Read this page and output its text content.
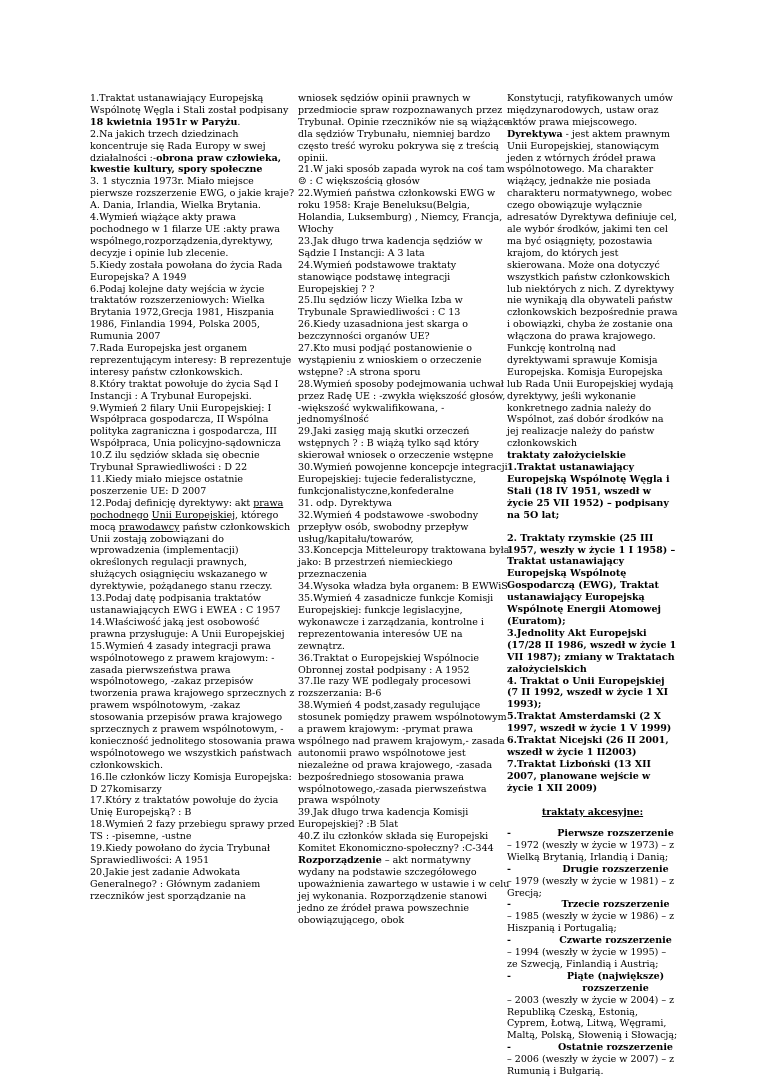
1.Traktat ustanawiający Europejską Wspólnotę Węgla i Stali został podpisany 18 kwietnia 1951r w Paryżu.

2.Na jakich trzech dziedzinach koncentruje się Rada Europy w swej działalności :-obrona praw człowieka, kwestie kultury, spory społeczne

3. 1 stycznia 1973r. Miało miejsce pierwsze rozszerzenie EWG, o jakie kraje? A. Dania, Irlandia, Wielka Brytania.

4.Wymień wiążące akty prawa pochodnego w 1 filarze UE :akty prawa wspólnego,rozporządzenia,dyrektywy, decyzje i opinie lub zlecenie.

5.Kiedy została powołana do życia Rada Europejska? A 1949

6.Podaj kolejne daty wejścia w życie traktatów rozszerzeniowych: Wielka Brytania 1972,Grecja 1981, Hiszpania 1986, Finlandia 1994, Polska 2005, Rumunia 2007

7.Rada Europejska jest organem reprezentującym interesy: B reprezentuje interesy państw członkowskich.

8.Który traktat powołuje do życia Sąd I Instancji : A Trybunał Europejski.

9.Wymień 2 filary Unii Europejskiej: I Współpraca gospodarcza, II Wspólna polityka zagraniczna i gospodarcza, III Współpraca, Unia policyjno-sądownicza

10.Z ilu sędziów składa się obecnie Trybunał Sprawiedliwości : D 22

11.Kiedy miało miejsce ostatnie poszerzenie UE: D 2007

12.Podaj definicję dyrektywy: akt prawa pochodnego Unii Europejskiej, którego mocą prawodawcy państw członkowskich Unii zostają zobowiązani do wprowadzenia (implementacji) określonych regulacji prawnych, służących osiągnięciu wskazanego w dyrektywie, pożądanego stanu rzeczy.

13.Podaj datę podpisania traktatów ustanawiających EWG i EWEA : C 1957

14.Właściwość jaką jest osobowość prawna przysługuje: A Unii Europejskiej

15.Wymień 4 zasady integracji prawa wspólnotowego z prawem krajowym: -zasada pierwszeństwa prawa wspólnotowego, -zakaz przepisów tworzenia prawa krajowego sprzecznych z prawem wspólnotowym, -zakaz stosowania przepisów prawa krajowego sprzecznych z prawem wspólnotowym, -konieczność jednolitego stosowania prawa wspólnotowego we wszystkich państwach członkowskich.

16.Ile członków liczy Komisja Europejska: D 27komisarzy

17.Który z traktatów powołuje do życia Unię Europejską? : B

18.Wymień 2 fazy przebiegu sprawy przed TS : -pisemne, -ustne

19.Kiedy powołano do życia Trybunał Sprawiedliwości: A 1951

20.Jakie jest zadanie Adwokata Generalnego? : Głównym zadaniem rzeczników jest sporządzanie na

wniosek sędziów opinii prawnych w przedmiocie spraw rozpoznawanych przez Trybunał. Opinie rzeczników nie są wiążące dla sędziów Trybunału, niemniej bardzo często treść wyroku pokrywa się z treścią opinii.

21.W jaki sposób zapada wyrok na coś tam☺ : C większością głosów

22.Wymień państwa członkowski EWG w roku 1958: Kraje Beneluksu(Belgia, Holandia, Luksemburg) , Niemcy, Francja, Włochy

23.Jak długo trwa kadencja sędziów w Sądzie I Instancji: A 3 lata

24.Wymień podstawowe traktaty stanowiące podstawę integracji Europejskiej ? ?

25.Ilu sędziów liczy Wielka Izba w Trybunale Sprawiedliwości : C 13

26.Kiedy uzasadniona jest skarga o bezczynności organów UE?

27.Kto musi podjąć postanowienie o wystąpieniu z wnioskiem o orzeczenie wstępne? :A strona sporu

28.Wymień sposoby podejmowania uchwał przez Radę UE : -zwykła większość głosów, -większość wykwalifikowana, -jednomyślność

29.Jaki zasięg mają skutki orzeczeń wstępnych ? : B wiążą tylko sąd który skierował wniosek o orzeczenie wstępne

30.Wymień powojenne koncepcje integracji Europejskiej: tujecie federalistyczne, funkcjonalistyczne,konfederalne

31. odp. Dyrektywa

32.Wymień 4 podstawowe -swobodny przepływ osób, swobodny przepływ usług/kapitału/towarów,

33.Koncepcja Mitteleuropy traktowana była jako: B przestrzeń niemieckiego przeznaczenia

34.Wysoka władza była organem: B EWWiS

35.Wymień 4 zasadnicze funkcje Komisji Europejskiej: funkcje legislacyjne, wykonawcze i zarządzania, kontrolne i reprezentowania interesów UE na zewnątrz.

36.Traktat o Europejskiej Wspólnocie Obronnej został podpisany : A 1952

37.Ile razy WE podlegały procesowi rozszerzania: B-6

38.Wymień 4 podst,zasady regulujące stosunek pomiędzy prawem wspólnotowym a prawem krajowym: -prymat prawa wspólnego nad prawem krajowym,- zasada autonomii prawo wspólnotowe jest niezależne od prawa krajowego, -zasada bezpośredniego stosowania prawa wspólnotowego,-zasada pierwszeństwa prawa wspólnoty

39.Jak długo trwa kadencja Komisji Europejskiej? :B 5lat

40.Z ilu członków składa się Europejski Komitet Ekonomiczno-społeczny? :C-344

Rozporządzenie – akt normatywny wydany na podstawie szczegółowego upoważnienia zawartego w ustawie i w celu jej wykonania. Rozporządzenie stanowi jedno ze źródeł prawa powszechnie obowiązującego, obok

Konstytucji, ratyfikowanych umów międzynarodowych, ustaw oraz aktów prawa miejscowego.

Dyrektywa - jest aktem prawnym Unii Europejskiej, stanowiącym jeden z wtórnych źródeł prawa wspólnotowego. Ma charakter wiążący, jednakże nie posiada charakteru normatywnego, wobec czego obowiązuje wyłącznie adresatów Dyrektywa definiuje cel, ale wybór środków, jakimi ten cel ma być osiągnięty, pozostawia krajom, do których jest skierowana. Może ona dotyczyć wszystkich państw członkowskich lub niektórych z nich. Z dyrektywy nie wynikają dla obywateli państw członkowskich bezpośrednie prawa i obowiązki, chyba że zostanie ona włączona do prawa krajowego. Funkcję kontrolną nad dyrektywami sprawuje Komisja Europejska. Komisja Europejska lub Rada Unii Europejskiej wydają dyrektywy, jeśli wykonanie konkretnego zadnia należy do Wspólnot, zaś dobór środków na jej realizacje należy do państw członkowskich

traktaty założycielskie

1.Traktat ustanawiający Europejską Wspólnotę Węgla i Stali (18 IV 1951, wszedł w życie 25 VII 1952) – podpisany na 5O lat;

2. Traktaty rzymskie (25 III 1957, weszły w życie 1 I 1958) – Traktat ustanawiający Europejską Wspólnotę Gospodarczą (EWG), Traktat ustanawiający Europejską Wspólnotę Energii Atomowej (Euratom);

3.Jednolity Akt Europejski (17/28 II 1986, wszedł w życie 1 VII 1987); zmiany w Traktatach założycielskich

4. Traktat o Unii Europejskiej (7 II 1992, wszedł w życie 1 XI 1993);

5.Traktat Amsterdamski (2 X 1997, wszedł w życie 1 V 1999)

6.Traktat Nicejski (26 II 2001, wszedł w życie 1 II2003)

7.Traktat Lizboński (13 XII 2007, planowane wejście w życie 1 XII 2009)

traktaty akcesyjne:

-	Pierwsze rozszerzenie
– 1972 (weszły w życie w 1973) – z Wielką Brytanią, Irlandią i Danią;
-	Drugie rozszerzenie
– 1979 (weszły w życie w 1981) – z Grecją;
-	Trzecie rozszerzenie
– 1985 (weszły w życie w 1986) – z Hiszpanią i Portugalią;
-	Czwarte rozszerzenie
– 1994 (weszły w życie w 1995) – ze Szwecją, Finlandią i Austrią;
-	Piąte (największe) rozszerzenie
– 2003 (weszły w życie w 2004) – z Republiką Czeską, Estonią, Cyprem, Łotwą, Litwą, Węgrami, Maltą, Polską, Słowenią i Słowacją;
-	Ostatnie rozszerzenie
– 2006 (weszły w życie w 2007) – z Rumunią i Bułgarią.
